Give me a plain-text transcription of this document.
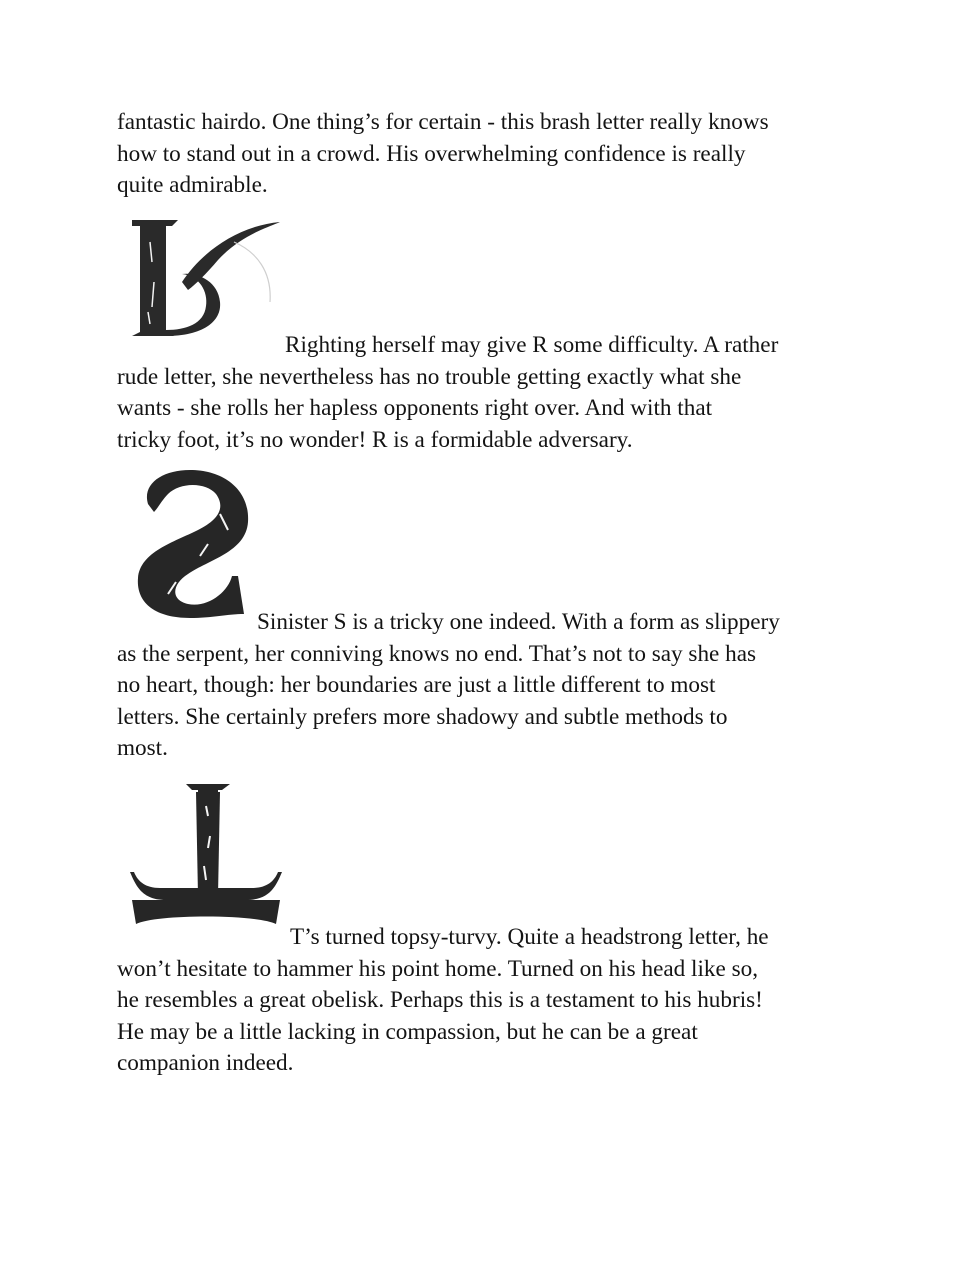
fantastic hairdo. One thing’s for certain - this brash letter really knows
how to stand out in a crowd. His overwhelming confidence is really
quite admirable.

Righting herself may give R some difficulty. A rather
rude letter, she nevertheless has no trouble getting exactly what she
wants - she rolls her hapless opponents right over. And with that
tricky foot, it’s no wonder! R is a formidable adversary.

Sinister S is a tricky one indeed. With a form as slippery
as the serpent, her conniving knows no end. That’s not to say she has
no heart, though: her boundaries are just a little different to most
letters. She certainly prefers more shadowy and subtle methods to
most.

T’s turned topsy-turvy. Quite a headstrong letter, he
won’t hesitate to hammer his point home. Turned on his head like so,
he resembles a great obelisk. Perhaps this is a testament to his hubris!
He may be a little lacking in compassion, but he can be a great
companion indeed.
